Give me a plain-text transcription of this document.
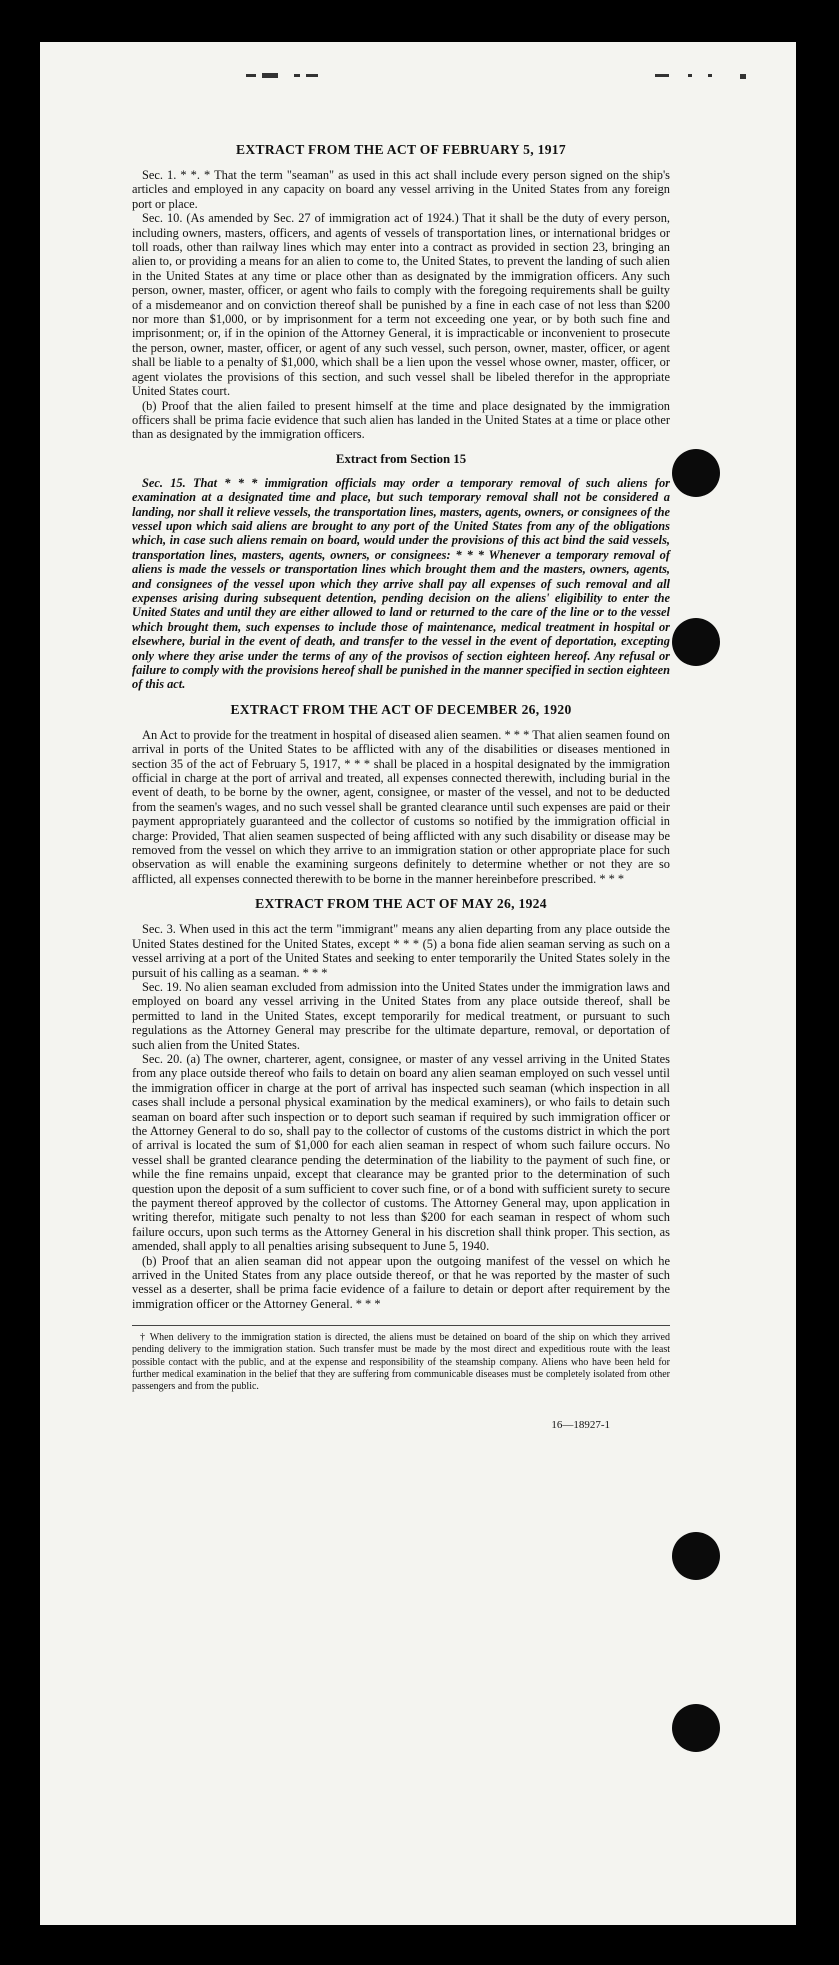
EXTRACT FROM THE ACT OF FEBRUARY 5, 1917

Sec. 1. * *. * That the term "seaman" as used in this act shall include every person signed on the ship's articles and employed in any capacity on board any vessel arriving in the United States from any foreign port or place.

Sec. 10. (As amended by Sec. 27 of immigration act of 1924.) That it shall be the duty of every person, including owners, masters, officers, and agents of vessels of transportation lines, or international bridges or toll roads, other than railway lines which may enter into a contract as provided in section 23, bringing an alien to, or providing a means for an alien to come to, the United States, to prevent the landing of such alien in the United States at any time or place other than as designated by the immigration officers. Any such person, owner, master, officer, or agent who fails to comply with the foregoing requirements shall be guilty of a misdemeanor and on conviction thereof shall be punished by a fine in each case of not less than $200 nor more than $1,000, or by imprisonment for a term not exceeding one year, or by both such fine and imprisonment; or, if in the opinion of the Attorney General, it is impracticable or inconvenient to prosecute the person, owner, master, officer, or agent of any such vessel, such person, owner, master, officer, or agent shall be liable to a penalty of $1,000, which shall be a lien upon the vessel whose owner, master, officer, or agent violates the provisions of this section, and such vessel shall be libeled therefor in the appropriate United States court.

(b) Proof that the alien failed to present himself at the time and place designated by the immigration officers shall be prima facie evidence that such alien has landed in the United States at a time or place other than as designated by the immigration officers.

Extract from Section 15

Sec. 15. That * * * immigration officials may order a temporary removal of such aliens for examination at a designated time and place, but such temporary removal shall not be considered a landing, nor shall it relieve vessels, the transportation lines, masters, agents, owners, or consignees of the vessel upon which said aliens are brought to any port of the United States from any of the obligations which, in case such aliens remain on board, would under the provisions of this act bind the said vessels, transportation lines, masters, agents, owners, or consignees: * * * Whenever a temporary removal of aliens is made the vessels or transportation lines which brought them and the masters, owners, agents, and consignees of the vessel upon which they arrive shall pay all expenses of such removal and all expenses arising during subsequent detention, pending decision on the aliens' eligibility to enter the United States and until they are either allowed to land or returned to the care of the line or to the vessel which brought them, such expenses to include those of maintenance, medical treatment in hospital or elsewhere, burial in the event of death, and transfer to the vessel in the event of deportation, excepting only where they arise under the terms of any of the provisos of section eighteen hereof. Any refusal or failure to comply with the provisions hereof shall be punished in the manner specified in section eighteen of this act.

EXTRACT FROM THE ACT OF DECEMBER 26, 1920

An Act to provide for the treatment in hospital of diseased alien seamen. * * * That alien seamen found on arrival in ports of the United States to be afflicted with any of the disabilities or diseases mentioned in section 35 of the act of February 5, 1917, * * * shall be placed in a hospital designated by the immigration official in charge at the port of arrival and treated, all expenses connected therewith, including burial in the event of death, to be borne by the owner, agent, consignee, or master of the vessel, and not to be deducted from the seamen's wages, and no such vessel shall be granted clearance until such expenses are paid or their payment appropriately guaranteed and the collector of customs so notified by the immigration official in charge: Provided, That alien seamen suspected of being afflicted with any such disability or disease may be removed from the vessel on which they arrive to an immigration station or other appropriate place for such observation as will enable the examining surgeons definitely to determine whether or not they are so afflicted, all expenses connected therewith to be borne in the manner hereinbefore prescribed. * * *

EXTRACT FROM THE ACT OF MAY 26, 1924

Sec. 3. When used in this act the term "immigrant" means any alien departing from any place outside the United States destined for the United States, except * * * (5) a bona fide alien seaman serving as such on a vessel arriving at a port of the United States and seeking to enter temporarily the United States solely in the pursuit of his calling as a seaman. * * *

Sec. 19. No alien seaman excluded from admission into the United States under the immigration laws and employed on board any vessel arriving in the United States from any place outside thereof, shall be permitted to land in the United States, except temporarily for medical treatment, or pursuant to such regulations as the Attorney General may prescribe for the ultimate departure, removal, or deportation of such alien from the United States.

Sec. 20. (a) The owner, charterer, agent, consignee, or master of any vessel arriving in the United States from any place outside thereof who fails to detain on board any alien seaman employed on such vessel until the immigration officer in charge at the port of arrival has inspected such seaman (which inspection in all cases shall include a personal physical examination by the medical examiners), or who fails to detain such seaman on board after such inspection or to deport such seaman if required by such immigration officer or the Attorney General to do so, shall pay to the collector of customs of the customs district in which the port of arrival is located the sum of $1,000 for each alien seaman in respect of whom such failure occurs. No vessel shall be granted clearance pending the determination of the liability to the payment of such fine, or while the fine remains unpaid, except that clearance may be granted prior to the determination of such question upon the deposit of a sum sufficient to cover such fine, or of a bond with sufficient surety to secure the payment thereof approved by the collector of customs. The Attorney General may, upon application in writing therefor, mitigate such penalty to not less than $200 for each seaman in respect of whom such failure occurs, upon such terms as the Attorney General in his discretion shall think proper. This section, as amended, shall apply to all penalties arising subsequent to June 5, 1940.

(b) Proof that an alien seaman did not appear upon the outgoing manifest of the vessel on which he arrived in the United States from any place outside thereof, or that he was reported by the master of such vessel as a deserter, shall be prima facie evidence of a failure to detain or deport after requirement by the immigration officer or the Attorney General. * * *

† When delivery to the immigration station is directed, the aliens must be detained on board of the ship on which they arrived pending delivery to the immigration station. Such transfer must be made by the most direct and expeditious route with the least possible contact with the public, and at the expense and responsibility of the steamship company. Aliens who have been held for further medical examination in the belief that they are suffering from communicable diseases must be completely isolated from other passengers and from the public.

16—18927-1
